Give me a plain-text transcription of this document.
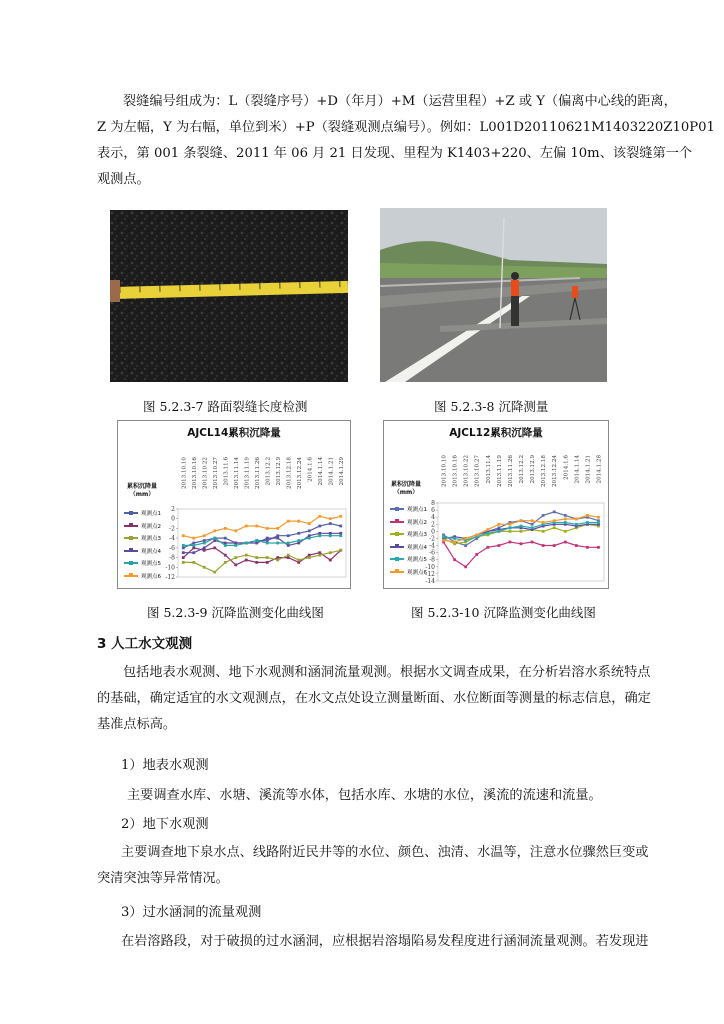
裂缝编号组成为：L（裂缝序号）+D（年月）+M（运营里程）+Z 或 Y（偏离中心线的距离，
Z 为左幅，Y 为右幅，单位到米）+P（裂缝观测点编号）。例如：L001D20110621M1403220Z10P01
表示，第 001 条裂缝、2011 年 06 月 21 日发现、里程为 K1403+220、左偏 10m、该裂缝第一个
观测点。
图 5.2.3-7 路面裂缝长度检测	图 5.2.3-8 沉降测量
AJCL14累积沉降量
累积沉降量（mm）
观测点1
观测点2
观测点3
观测点4
观测点5
观测点6
2
0
-2
-4
-6
-8
-10
-12
2013.10.10 2013.10.16 2013.10.22 2013.10.27 2013.11.6 2013.11.14 2013.11.19 2013.11.26 2013.12.2 2013.12.9 2013.12.18 2013.12.24 2014.1.6 2014.1.14 2014.1.21 2014.1.29
AJCL12累积沉降量
累积沉降量（mm）
观测点1
观测点2
观测点3
观测点4
观测点5
观测点6
8
6
4
2
0
-2
-4
-6
-8
-10
-12
-14
2013.10.10 2013.10.16 2013.10.22 2013.10.27 2013.11.4 2013.11.19 2013.11.26 2013.12.2 2013.12.9 2013.12.18 2013.12.24 2014.1.6 2014.1.14 2014.1.21 2014.1.28
图 5.2.3-9 沉降监测变化曲线图	图 5.2.3-10 沉降监测变化曲线图
3 人工水文观测
包括地表水观测、地下水观测和涵洞流量观测。根据水文调查成果，在分析岩溶水系统特点
的基础，确定适宜的水文观测点，在水文点处设立测量断面、水位断面等测量的标志信息，确定
基准点标高。
1）地表水观测
主要调查水库、水塘、溪流等水体，包括水库、水塘的水位，溪流的流速和流量。
2）地下水观测
主要调查地下泉水点、线路附近民井等的水位、颜色、浊清、水温等，注意水位骤然巨变或
突清突浊等异常情况。
3）过水涵洞的流量观测
在岩溶路段，对于破损的过水涵洞，应根据岩溶塌陷易发程度进行涵洞流量观测。若发现进
